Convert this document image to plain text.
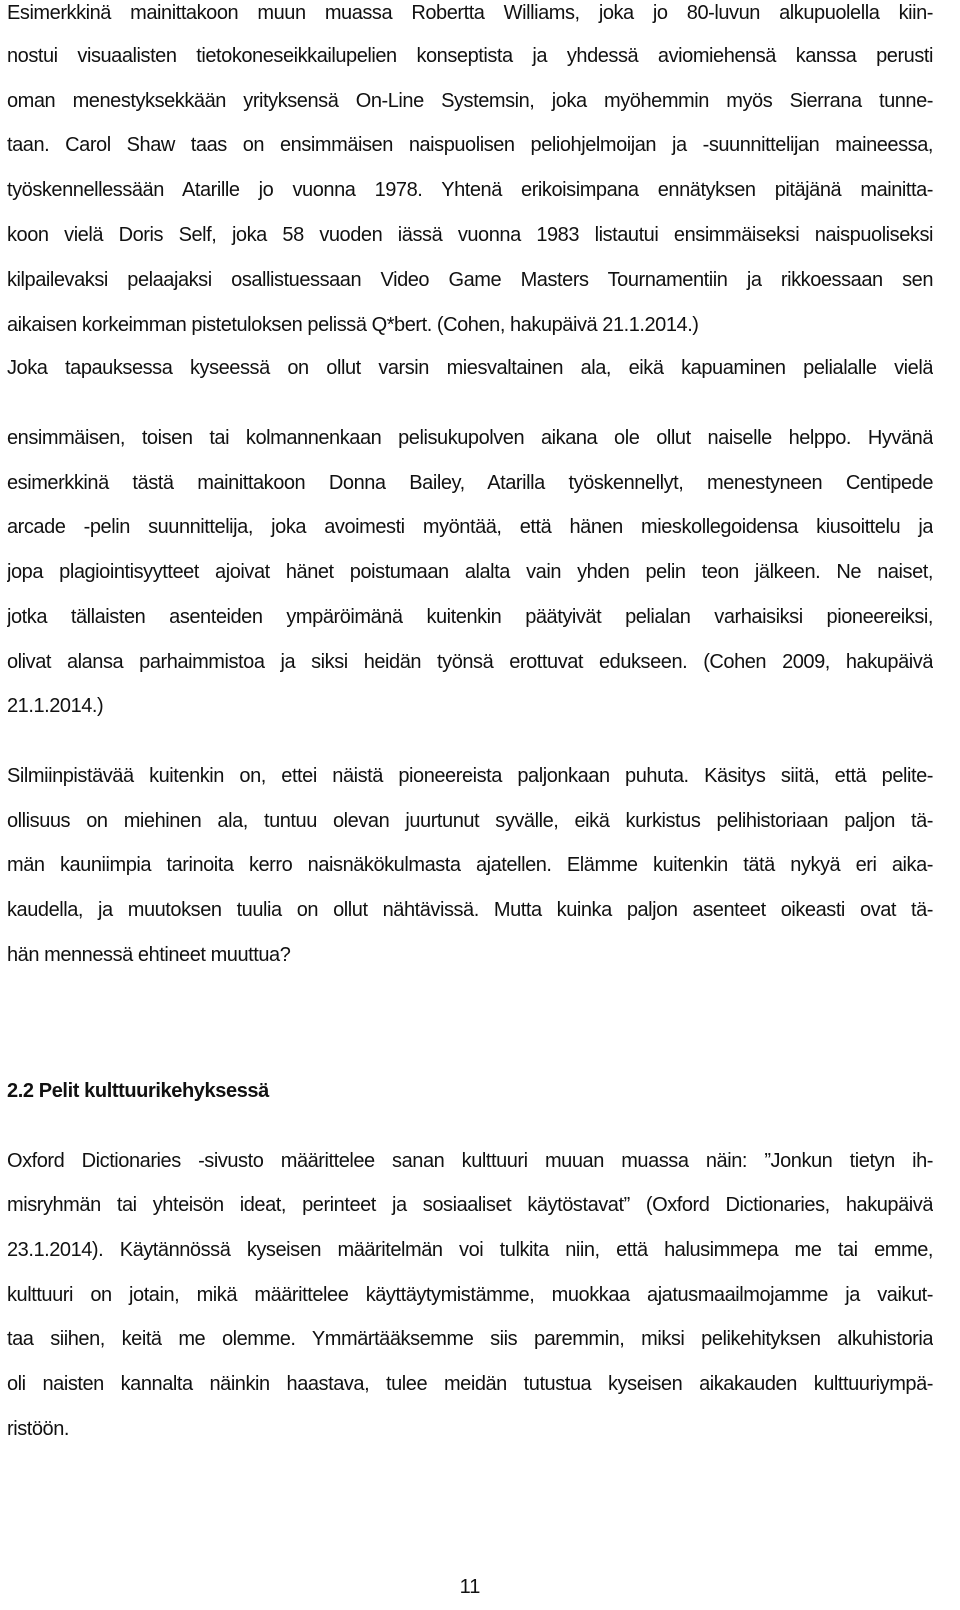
Esimerkkinä mainittakoon muun muassa Robertta Williams, joka jo 80-luvun alkupuolella kiin-
nostui visuaalisten tietokoneseikkailupelien konseptista ja yhdessä aviomiehensä kanssa perusti
oman menestyksekkään yrityksensä On-Line Systemsin, joka myöhemmin myös Sierrana tunne-
taan. Carol Shaw taas on ensimmäisen naispuolisen peliohjelmoijan ja -suunnittelijan maineessa,
työskennellessään Atarille jo vuonna 1978. Yhtenä erikoisimpana ennätyksen pitäjänä mainitta-
koon vielä Doris Self, joka 58 vuoden iässä vuonna 1983 listautui ensimmäiseksi naispuoliseksi
kilpailevaksi pelaajaksi osallistuessaan Video Game Masters Tournamentiin ja rikkoessaan sen
aikaisen korkeimman pistetuloksen pelissä Q*bert. (Cohen, hakupäivä 21.1.2014.)
Joka tapauksessa kyseessä on ollut varsin miesvaltainen ala, eikä kapuaminen pelialalle vielä
ensimmäisen, toisen tai kolmannenkaan pelisukupolven aikana ole ollut naiselle helppo. Hyvänä
esimerkkinä tästä mainittakoon Donna Bailey, Atarilla työskennellyt, menestyneen Centipede
arcade -pelin suunnittelija, joka avoimesti myöntää, että hänen mieskollegoidensa kiusoittelu ja
jopa plagiointisyytteet ajoivat hänet poistumaan alalta vain yhden pelin teon jälkeen. Ne naiset,
jotka tällaisten asenteiden ympäröimänä kuitenkin päätyivät pelialan varhaisiksi pioneereiksi,
olivat alansa parhaimmistoa ja siksi heidän työnsä erottuvat edukseen. (Cohen 2009, hakupäivä
21.1.2014.)
Silmiinpistävää kuitenkin on, ettei näistä pioneereista paljonkaan puhuta. Käsitys siitä, että pelite-
ollisuus on miehinen ala, tuntuu olevan juurtunut syvälle, eikä kurkistus pelihistoriaan paljon tä-
män kauniimpia tarinoita kerro naisnäkökulmasta ajatellen. Elämme kuitenkin tätä nykyä eri aika-
kaudella, ja muutoksen tuulia on ollut nähtävissä. Mutta kuinka paljon asenteet oikeasti ovat tä-
hän mennessä ehtineet muuttua?
2.2 Pelit kulttuurikehyksessä
Oxford Dictionaries -sivusto määrittelee sanan kulttuuri muuan muassa näin: ”Jonkun tietyn ih-
misryhmän tai yhteisön ideat, perinteet ja sosiaaliset käytöstavat” (Oxford Dictionaries, hakupäivä
23.1.2014). Käytännössä kyseisen määritelmän voi tulkita niin, että halusimmepa me tai emme,
kulttuuri on jotain, mikä määrittelee käyttäytymistämme, muokkaa ajatusmaailmojamme ja vaikut-
taa siihen, keitä me olemme. Ymmärtääksemme siis paremmin, miksi pelikehityksen alkuhistoria
oli naisten kannalta näinkin haastava, tulee meidän tutustua kyseisen aikakauden kulttuuriympä-
ristöön.
11
